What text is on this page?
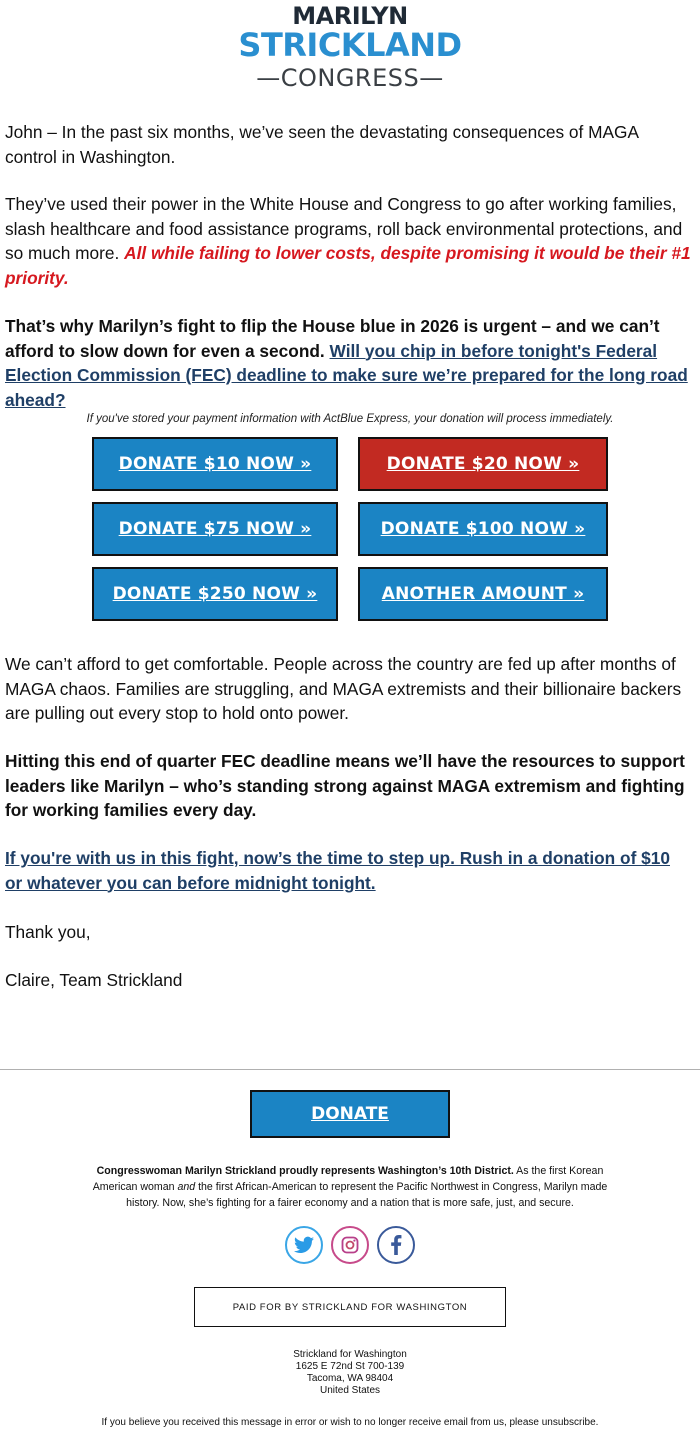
MARILYN
STRICKLAND
—CONGRESS—

John – In the past six months, we’ve seen the devastating consequences of MAGA control in Washington.

They’ve used their power in the White House and Congress to go after working families, slash healthcare and food assistance programs, roll back environmental protections, and so much more. All while failing to lower costs, despite promising it would be their #1 priority.

That’s why Marilyn’s fight to flip the House blue in 2026 is urgent – and we can’t afford to slow down for even a second. Will you chip in before tonight's Federal Election Commission (FEC) deadline to make sure we’re prepared for the long road ahead?

If you've stored your payment information with ActBlue Express, your donation will process immediately.
DONATE $10 NOW »	DONATE $20 NOW »
DONATE $75 NOW »	DONATE $100 NOW »
DONATE $250 NOW »	ANOTHER AMOUNT »

We can’t afford to get comfortable. People across the country are fed up after months of MAGA chaos. Families are struggling, and MAGA extremists and their billionaire backers are pulling out every stop to hold onto power.

Hitting this end of quarter FEC deadline means we’ll have the resources to support leaders like Marilyn – who’s standing strong against MAGA extremism and fighting for working families every day.

If you're with us in this fight, now’s the time to step up. Rush in a donation of $10 or whatever you can before midnight tonight.

Thank you,

Claire, Team Strickland

DONATE
Congresswoman Marilyn Strickland proudly represents Washington’s 10th District. As the first Korean American woman and the first African-American to represent the Pacific Northwest in Congress, Marilyn made history. Now, she’s fighting for a fairer economy and a nation that is more safe, just, and secure.
PAID FOR BY STRICKLAND FOR WASHINGTON
Strickland for Washington
1625 E 72nd St 700-139
Tacoma, WA 98404
United States
If you believe you received this message in error or wish to no longer receive email from us, please unsubscribe.
